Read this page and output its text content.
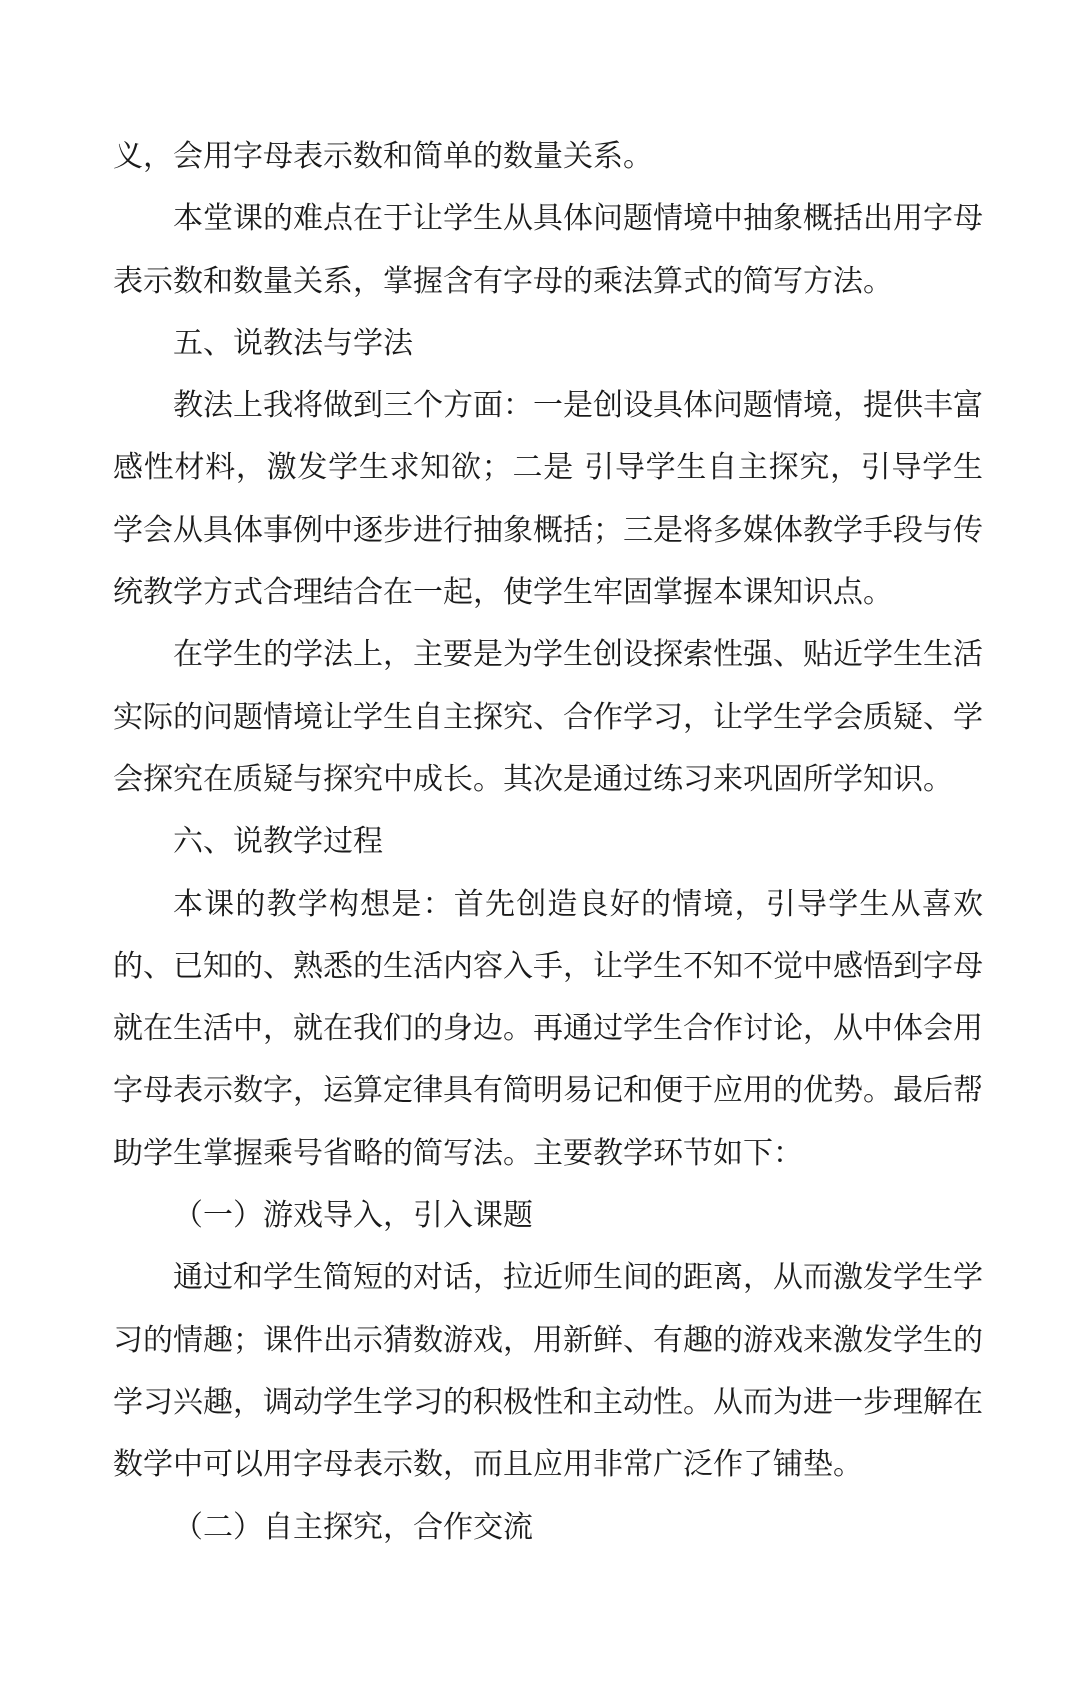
义，会用字母表示数和简单的数量关系。

本堂课的难点在于让学生从具体问题情境中抽象概括出用字母表示数和数量关系，掌握含有字母的乘法算式的简写方法。

五、说教法与学法

教法上我将做到三个方面：一是创设具体问题情境，提供丰富感性材料，激发学生求知欲；二是 引导学生自主探究，引导学生学会从具体事例中逐步进行抽象概括；三是将多媒体教学手段与传统教学方式合理结合在一起，使学生牢固掌握本课知识点。

在学生的学法上，主要是为学生创设探索性强、贴近学生生活实际的问题情境让学生自主探究、合作学习，让学生学会质疑、学会探究在质疑与探究中成长。其次是通过练习来巩固所学知识。

六、说教学过程

本课的教学构想是：首先创造良好的情境，引导学生从喜欢的、已知的、熟悉的生活内容入手，让学生不知不觉中感悟到字母就在生活中，就在我们的身边。再通过学生合作讨论，从中体会用字母表示数字，运算定律具有简明易记和便于应用的优势。最后帮助学生掌握乘号省略的简写法。主要教学环节如下：

（一）游戏导入，引入课题

通过和学生简短的对话，拉近师生间的距离，从而激发学生学习的情趣；课件出示猜数游戏，用新鲜、有趣的游戏来激发学生的学习兴趣，调动学生学习的积极性和主动性。从而为进一步理解在数学中可以用字母表示数，而且应用非常广泛作了铺垫。

（二）自主探究，合作交流
